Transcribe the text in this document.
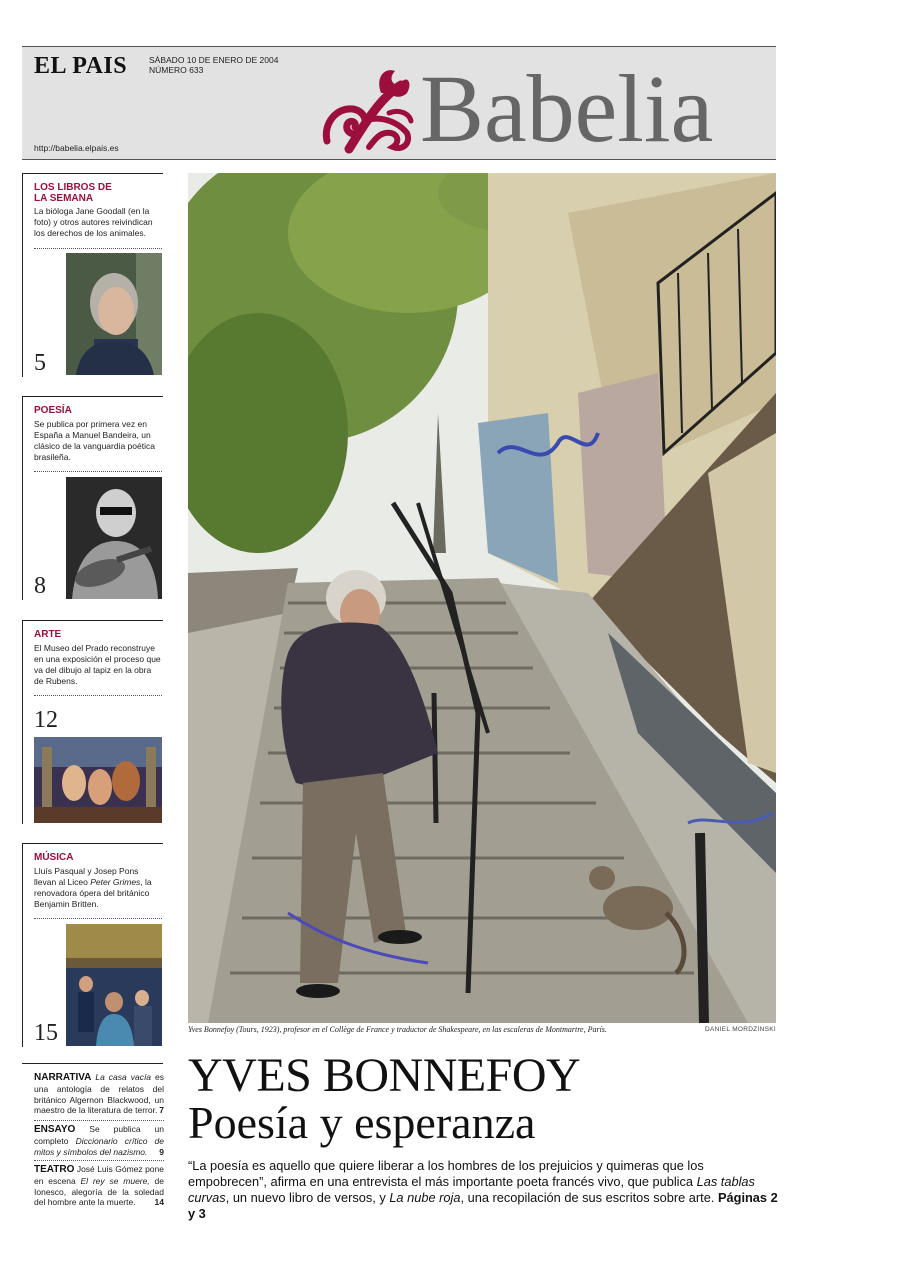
EL PAIS	SÁBADO 10 DE ENERO DE 2004
NÚMERO 633
http://babelia.elpais.es	Babelia
LOS LIBROS DE LA SEMANA
La bióloga Jane Goodall (en la foto) y otros autores reivindican los derechos de los animales.
5
POESÍA
Se publica por primera vez en España a Manuel Bandeira, un clásico de la vanguardia poética brasileña.
8
ARTE
El Museo del Prado reconstruye en una exposición el proceso que va del dibujo al tapiz en la obra de Rubens.
12
MÚSICA
Lluís Pasqual y Josep Pons llevan al Liceo Peter Grimes, la renovadora ópera del británico Benjamin Britten.
15	Yves Bonnefoy (Tours, 1923), profesor en el Collège de France y traductor de Shakespeare, en las escaleras de Montmartre, París.	DANIEL MORDZINSKI
YVES BONNEFOY
Poesía y esperanza
“La poesía es aquello que quiere liberar a los hombres de los prejuicios y quimeras que los empobrecen”, afirma en una entrevista el más importante poeta francés vivo, que publica Las tablas curvas, un nuevo libro de versos, y La nube roja, una recopilación de sus escritos sobre arte. Páginas 2 y 3
NARRATIVA La casa vacía es una antología de relatos del británico Algernon Blackwood, un maestro de la literatura de terror. 7
ENSAYO Se publica un completo Diccionario crítico de mitos y símbolos del nazismo. 9
TEATRO José Luis Gómez pone en escena El rey se muere, de Ionesco, alegoría de la soledad del hombre ante la muerte. 14
